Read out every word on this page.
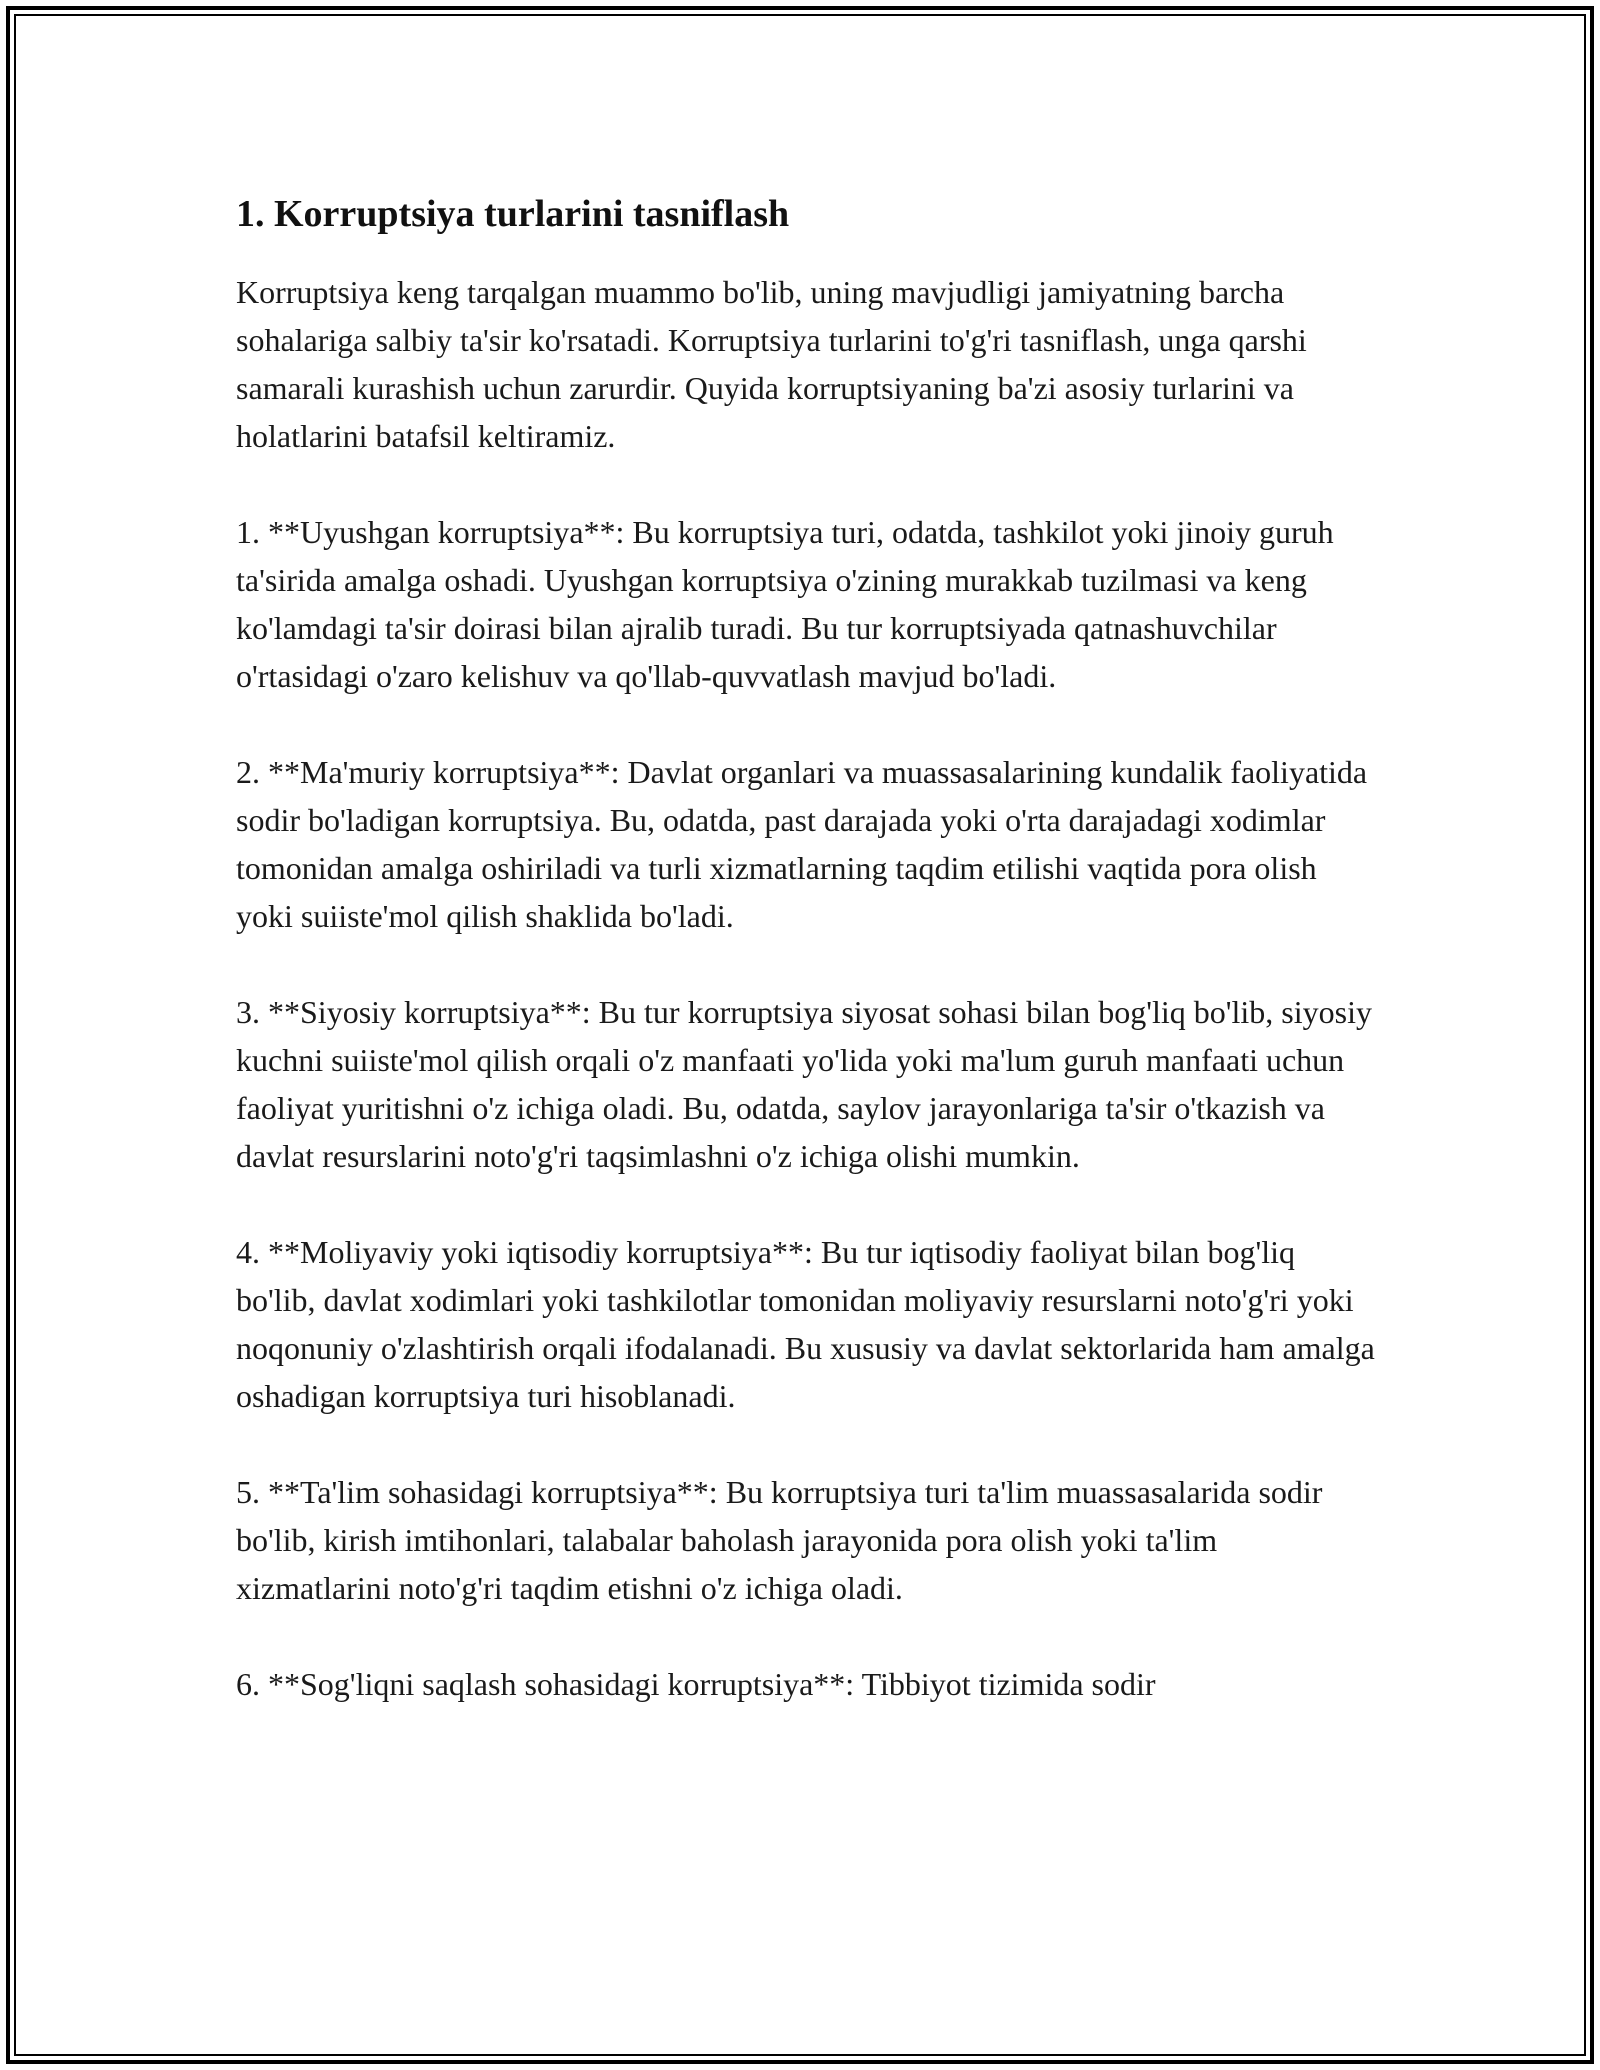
1. Korruptsiya turlarini tasniflash

Korruptsiya keng tarqalgan muammo bo'lib, uning mavjudligi jamiyatning barcha sohalariga salbiy ta'sir ko'rsatadi. Korruptsiya turlarini to'g'ri tasniflash, unga qarshi samarali kurashish uchun zarurdir. Quyida korruptsiyaning ba'zi asosiy turlarini va holatlarini batafsil keltiramiz.

1. **Uyushgan korruptsiya**: Bu korruptsiya turi, odatda, tashkilot yoki jinoiy guruh ta'sirida amalga oshadi. Uyushgan korruptsiya o'zining murakkab tuzilmasi va keng ko'lamdagi ta'sir doirasi bilan ajralib turadi. Bu tur korruptsiyada qatnashuvchilar o'rtasidagi o'zaro kelishuv va qo'llab-quvvatlash mavjud bo'ladi.

2. **Ma'muriy korruptsiya**: Davlat organlari va muassasalarining kundalik faoliyatida sodir bo'ladigan korruptsiya. Bu, odatda, past darajada yoki o'rta darajadagi xodimlar tomonidan amalga oshiriladi va turli xizmatlarning taqdim etilishi vaqtida pora olish yoki suiiste'mol qilish shaklida bo'ladi.

3. **Siyosiy korruptsiya**: Bu tur korruptsiya siyosat sohasi bilan bog'liq bo'lib, siyosiy kuchni suiiste'mol qilish orqali o'z manfaati yo'lida yoki ma'lum guruh manfaati uchun faoliyat yuritishni o'z ichiga oladi. Bu, odatda, saylov jarayonlariga ta'sir o'tkazish va davlat resurslarini noto'g'ri taqsimlashni o'z ichiga olishi mumkin.

4. **Moliyaviy yoki iqtisodiy korruptsiya**: Bu tur iqtisodiy faoliyat bilan bog'liq bo'lib, davlat xodimlari yoki tashkilotlar tomonidan moliyaviy resurslarni noto'g'ri yoki noqonuniy o'zlashtirish orqali ifodalanadi. Bu xususiy va davlat sektorlarida ham amalga oshadigan korruptsiya turi hisoblanadi.

5. **Ta'lim sohasidagi korruptsiya**: Bu korruptsiya turi ta'lim muassasalarida sodir bo'lib, kirish imtihonlari, talabalar baholash jarayonida pora olish yoki ta'lim xizmatlarini noto'g'ri taqdim etishni o'z ichiga oladi.

6. **Sog'liqni saqlash sohasidagi korruptsiya**: Tibbiyot tizimida sodir
